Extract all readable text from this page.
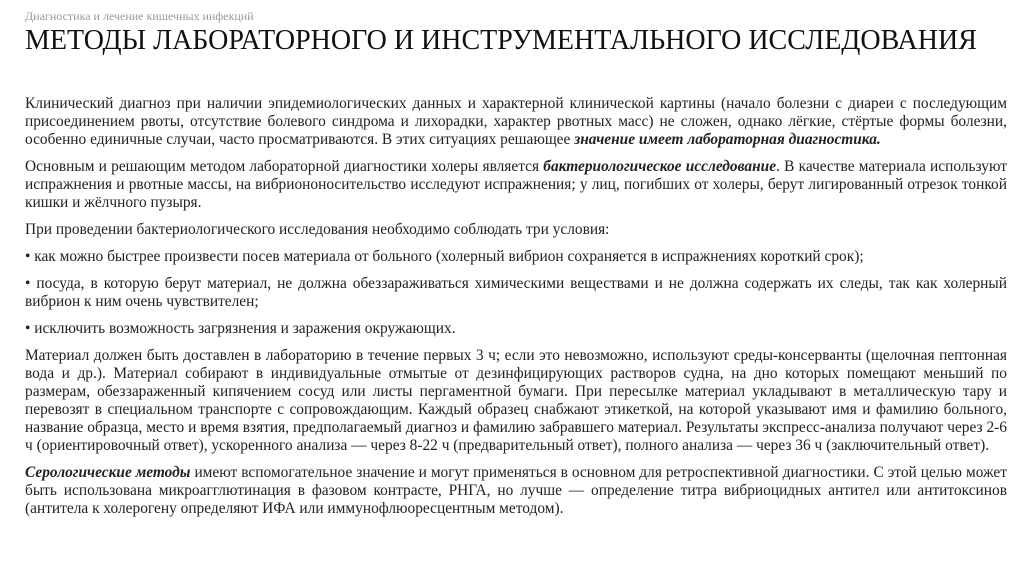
Диагностика и лечение кишечных инфекций
МЕТОДЫ ЛАБОРАТОРНОГО И ИНСТРУМЕНТАЛЬНОГО ИССЛЕДОВАНИЯ

Клинический диагноз при наличии эпидемиологических данных и характерной клинической картины (начало болезни с диареи с последующим присоединением рвоты, отсутствие болевого синдрома и лихорадки, характер рвотных масс) не сложен, однако лёгкие, стёртые формы болезни, особенно единичные случаи, часто просматриваются. В этих ситуациях решающее значение имеет лабораторная диагностика.

Основным и решающим методом лабораторной диагностики холеры является бактериологическое исследование. В качестве материала используют испражнения и рвотные массы, на вибриононосительство исследуют испражнения; у лиц, погибших от холеры, берут лигированный отрезок тонкой кишки и жёлчного пузыря.

При проведении бактериологического исследования необходимо соблюдать три условия:

• как можно быстрее произвести посев материала от больного (холерный вибрион сохраняется в испражнениях короткий срок);

• посуда, в которую берут материал, не должна обеззараживаться химическими веществами и не должна содержать их следы, так как холерный вибрион к ним очень чувствителен;

• исключить возможность загрязнения и заражения окружающих.

Материал должен быть доставлен в лабораторию в течение первых 3 ч; если это невозможно, используют среды-консерванты (щелочная пептонная вода и др.). Материал собирают в индивидуальные отмытые от дезинфицирующих растворов судна, на дно которых помещают меньший по размерам, обеззараженный кипячением сосуд или листы пергаментной бумаги. При пересылке материал укладывают в металлическую тару и перевозят в специальном транспорте с сопровождающим. Каждый образец снабжают этикеткой, на которой указывают имя и фамилию больного, название образца, место и время взятия, предполагаемый диагноз и фамилию забравшего материал. Результаты экспресс-анализа получают через 2-6 ч (ориентировочный ответ), ускоренного анализа — через 8-22 ч (предварительный ответ), полного анализа — через 36 ч (заключительный ответ).

Серологические методы имеют вспомогательное значение и могут применяться в основном для ретроспективной диагностики. С этой целью может быть использована микроагглютинация в фазовом контрасте, РНГА, но лучше — определение титра вибриоцидных антител или антитоксинов (антитела к холерогену определяют ИФА или иммунофлюоресцентным методом).
